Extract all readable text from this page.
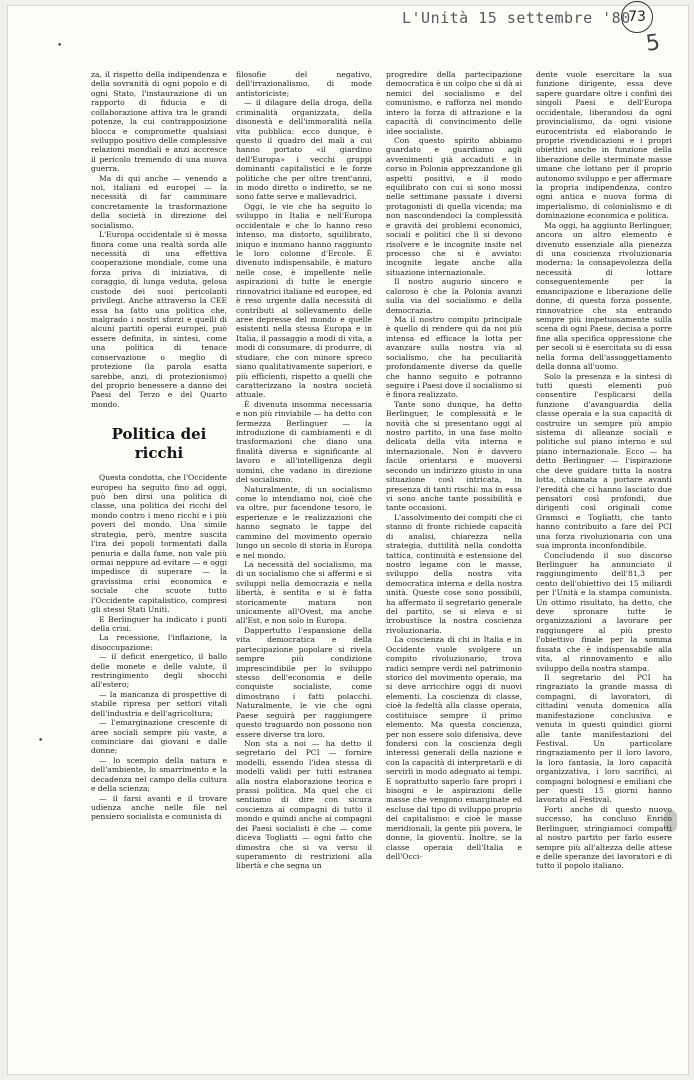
L'Unità 15 settembre '80
73
5
•
•

za, il rispetto della indipendenza e della sovranità di ogni popolo e di ogni Stato, l'instaurazione di un rapporto di fiducia e di collaborazione attiva tra le grandi potenze, la cui contrapposizione blocca e compromette qualsiasi sviluppo positivo delle complessive relazioni mondiali e anzi accresce il pericolo tremendo di una nuova guerra.

Ma di qui anche — venendo a noi, italiani ed europei — la necessità di far camminare concretamente la trasformazione della società in direzione del socialismo.

L'Europa occidentale si è mossa finora come una realtà sorda alle necessità di una effettiva cooperazione mondiale, come una forza priva di iniziativa, di coraggio, di lunga veduta, gelosa custode dei suoi pericolanti privilegi. Anche attraverso la CEE essa ha fatto una politica che, malgrado i nostri sforzi e quelli di alcuni partiti operai europei, può essere definita, in sintesi, come una politica di tenace conservazione o meglio di protezione (la parola esatta sarebbe, anzi, di protezionismo) del proprio benessere a danno dei Paesi del Terzo e del Quarto mondo.

Politica dei ricchi

Questa condotta, che l'Occidente europeo ha seguito fino ad oggi, può ben dirsi una politica di classe, una politica dei ricchi del mondo contro i meno ricchi e i più poveri del mondo. Una simile strategia, però, mentre suscita l'ira dei popoli tormentati dalla penuria e dalla fame, non vale più ormai neppure ad evitare — e oggi impedisce di superare — la gravissima crisi economica e sociale che scuote tutto l'Occidente capitalistico, compresi gli stessi Stati Uniti.

E Berlinguer ha indicato i punti della crisi.

La recessione, l'inflazione, la disoccupazione:

— il deficit energetico, il ballo delle monete e delle valute, il restringimento degli sbocchi all'estero;

— la mancanza di prospettive di stabile ripresa per settori vitali dell'industria e dell'agricoltura;

— l'emarginazione crescente di aree sociali sempre più vaste, a cominciare dai giovani e dalle donne;

— lo scempio della natura e dell'ambiente, lo smarrimento e la decadenza nel campo della cultura e della scienza;

— il farsi avanti e il trovare udienza anche nelle file nel pensiero socialista e comunista di

filosofie del negativo, dell'irrazionalismo, di mode antistoriciste;

— il dilagare della droga, della criminalità organizzata, della disonestà e dell'immoralità nella vita pubblica: ecco dunque, è questo il quadro dei mali a cui hanno portato «il giardino dell'Europa» i vecchi gruppi dominanti capitalistici e le forze politiche che per oltre trent'anni, in modo diretto o indiretto, se ne sono fatte serve e mallevadrici.

Oggi, le vie che ha seguito lo sviluppo in Italia e nell'Europa occidentale e che lo hanno reso intenso, ma distorto, squilibrato, iniquo e inumano hanno raggiunto le loro colonne d'Ercole. È divenuto indispensabile, è maturo nelle cose, è impellente nelle aspirazioni di tutte le energie rinnovatrici italiane ed europee, ed è reso urgente dalla necessità di contributi al sollevamento delle aree depresse del mondo e quelle esistenti nella stessa Europa e in Italia, il passaggio a modi di vita, a modi di consumare, di produrre, di studiare, che con minore spreco siano qualitativamente superiori, e più efficienti, rispetto a quelli che caratterizzano la nostra società attuale.

È divenuta insomma necessaria e non più rinviabile — ha detto con fermezza Berlinguer — la introduzione di cambiamenti e di trasformazioni che diano una finalità diversa e significante al lavoro e all'intelligenza degli uomini, che vadano in direzione del socialismo.

Naturalmente, di un socialismo come lo intendiamo noi, cioè che va oltre, pur facendone tesoro, le esperienze e le realizzazioni che hanno segnato le tappe del cammino del movimento operaio lungo un secolo di storia in Europa e nel mondo.

La necessità del socialismo, ma di un socialismo che si affermi e si sviluppi nella democrazia e nella libertà, è sentita e si è fatta storicamente matura non unicamente all'Ovest, ma anche all'Est, e non solo in Europa.

Dappertutto l'espansione della vita democratica e della partecipazione popolare si rivela sempre più condizione imprescindibile per lo sviluppo stesso dell'economia e delle conquiste socialiste, come dimostrano i fatti polacchi. Naturalmente, le vie che ogni Paese seguirà per raggiungere questo traguardo non possono non essere diverse tra loro.

Non sta a noi — ha detto il segretario del PCI — fornire modelli, essendo l'idea stessa di modelli validi per tutti estranea alla nostra elaborazione teorica e prassi politica. Ma quel che ci sentiamo di dire con sicura coscienza ai compagni di tutto il mondo e quindi anche ai compagni dei Paesi socialisti è che — come diceva Togliatti — ogni fatto che dimostra che si va verso il superamento di restrizioni alla libertà e che segna un

progredire della partecipazione democratica è un colpo che si dà ai nemici del socialismo e del comunismo, e rafforza nel mondo intero la forza di attrazione e la capacità di convincimento delle idee socialiste.

Con questo spirito abbiamo guardato e guardiamo agli avvenimenti già accaduti e in corso in Polonia apprezzandone gli aspetti positivi, e il modo equilibrato con cui si sono mossi nelle settimane passate i diversi protagonisti di quella vicenda; ma non nascondendoci la complessità e gravità dei problemi economici, sociali e politici che lì si devono risolvere e le incognite insite nel processo che si è avviato: incognite legate anche alla situazione internazionale.

Il nostro augurio sincero e caloroso è che la Polonia avanzi sulla via del socialismo e della democrazia.

Ma il nostro compito principale è quello di rendere qui da noi più intensa ed efficace la lotta per avanzare sulla nostra via al socialismo, che ha peculiarità profondamente diverse da quelle che hanno seguito e potranno seguire i Paesi dove il socialismo si è finora realizzato.

Tante sono dunque, ha detto Berlinguer, le complessità e le novità che si presentano oggi al nostro partito, in una fase molto delicata della vita interna e internazionale. Non è davvero facile orientarsi e muoversi secondo un indirizzo giusto in una situazione così intricata, in presenza di tanti rischi: ma in essa vi sono anche tante possibilità e tante occasioni.

L'assolvimento dei compiti che ci stanno di fronte richiede capacità di analisi, chiarezza nella strategia, duttilità nella condotta tattica, continuità e estensione del nostro legame con le masse, sviluppo della nostra vita democratica interna e della nostra unità. Queste cose sono possibili, ha affermato il segretario generale del partito, se si eleva e si irrobustisce la nostra coscienza rivoluzionaria.

La coscienza di chi in Italia e in Occidente vuole svolgere un compito rivoluzionario, trova radici sempre verdi nel patrimonio storico del movimento operaio, ma si deve arricchire oggi di nuovi elementi. La coscienza di classe, cioè la fedeltà alla classe operaia, costituisce sempre il primo elemento. Ma questa coscienza, per non essere solo difensiva, deve fondersi con la coscienza degli interessi generali della nazione e con la capacità di interpretarli e di servirli in modo adeguato ai tempi. E soprattutto saperlo fare propri i bisogni e le aspirazioni delle masse che vengono emarginate ed escluse dal tipo di sviluppo proprio del capitalismo: e cioè le masse meridionali, la gente più povera, le donne, la gioventù. Inoltre, se la classe operaia dell'Italia e dell'Occi-

dente vuole esercitare la sua funzione dirigente, essa deve sapere guardare oltre i confini dei singoli Paesi e dell'Europa occidentale, liberandosi da ogni provincialismo, da ogni visione eurocentrista ed elaborando le proprie rivendicazioni e i propri obiettivi anche in funzione della liberazione delle sterminate masse umane che lottano per il proprio autonomo sviluppo e per affermare la propria indipendenza, contro ogni antica e nuova forma di imperialismo, di colonialismo e di dominazione economica e politica.

Ma oggi, ha aggiunto Berlinguer, ancora un altro elemento è divenuto essenziale alla pienezza di una coscienza rivoluzionaria moderna: la consapevolezza della necessità di lottare conseguentemente per la emancipazione e liberazione delle donne, di questa forza possente, rinnovatrice che sta entrando sempre più impetuosamente sulla scena di ogni Paese, decisa a porre fine alla specifica oppressione che per secoli si è esercitata su di essa nella forma dell'assoggettamento della donna all'uomo.

Solo la presenza e la sintesi di tutti questi elementi può consentire l'esplicarsi della funzione d'avanguardia della classe operaia e la sua capacità di costruire un sempre più ampio sistema di alleanze sociali e politiche sul piano interno e sul piano internazionale. Ecco — ha detto Berlinguer — l'ispirazione che deve guidare tutta la nostra lotta, chiamata a portare avanti l'eredità che ci hanno lasciato due pensatori così profondi, due dirigenti così originali come Gramsci e Togliatti, che tanto hanno contribuito a fare del PCI una forza rivoluzionaria con una sua impronta inconfondibile.

Concludendo il suo discorso Berlinguer ha annunciato il raggiungimento dell'81,3 per cento dell'obiettivo dei 15 miliardi per l'Unità e la stampa comunista. Un ottimo risultato, ha detto, che deve spronare tutte le organizzazioni a lavorare per raggiungere al più presto l'obiettivo finale per la somma fissata che è indispensabile alla vita, al rinnovamento e allo sviluppo della nostra stampa.

Il segretario del PCI ha ringraziato la grande massa di compagni, di lavoratori, di cittadini venuta domenica alla manifestazione conclusiva e venuta in questi quindici giorni alle tante manifestazioni del Festival. Un particolare ringraziamento per il loro lavoro, la loro fantasia, la loro capacità organizzativa, i loro sacrifici, ai compagni bolognesi e emiliani che per questi 15 giorni hanno lavorato al Festival.

Forti anche di questo nuovo successo, ha concluso Enrico Berlinguer, stringiamoci compatti al nostro partito per farlo essere sempre più all'altezza delle attese e delle speranze dei lavoratori e di tutto il popolo italiano.
